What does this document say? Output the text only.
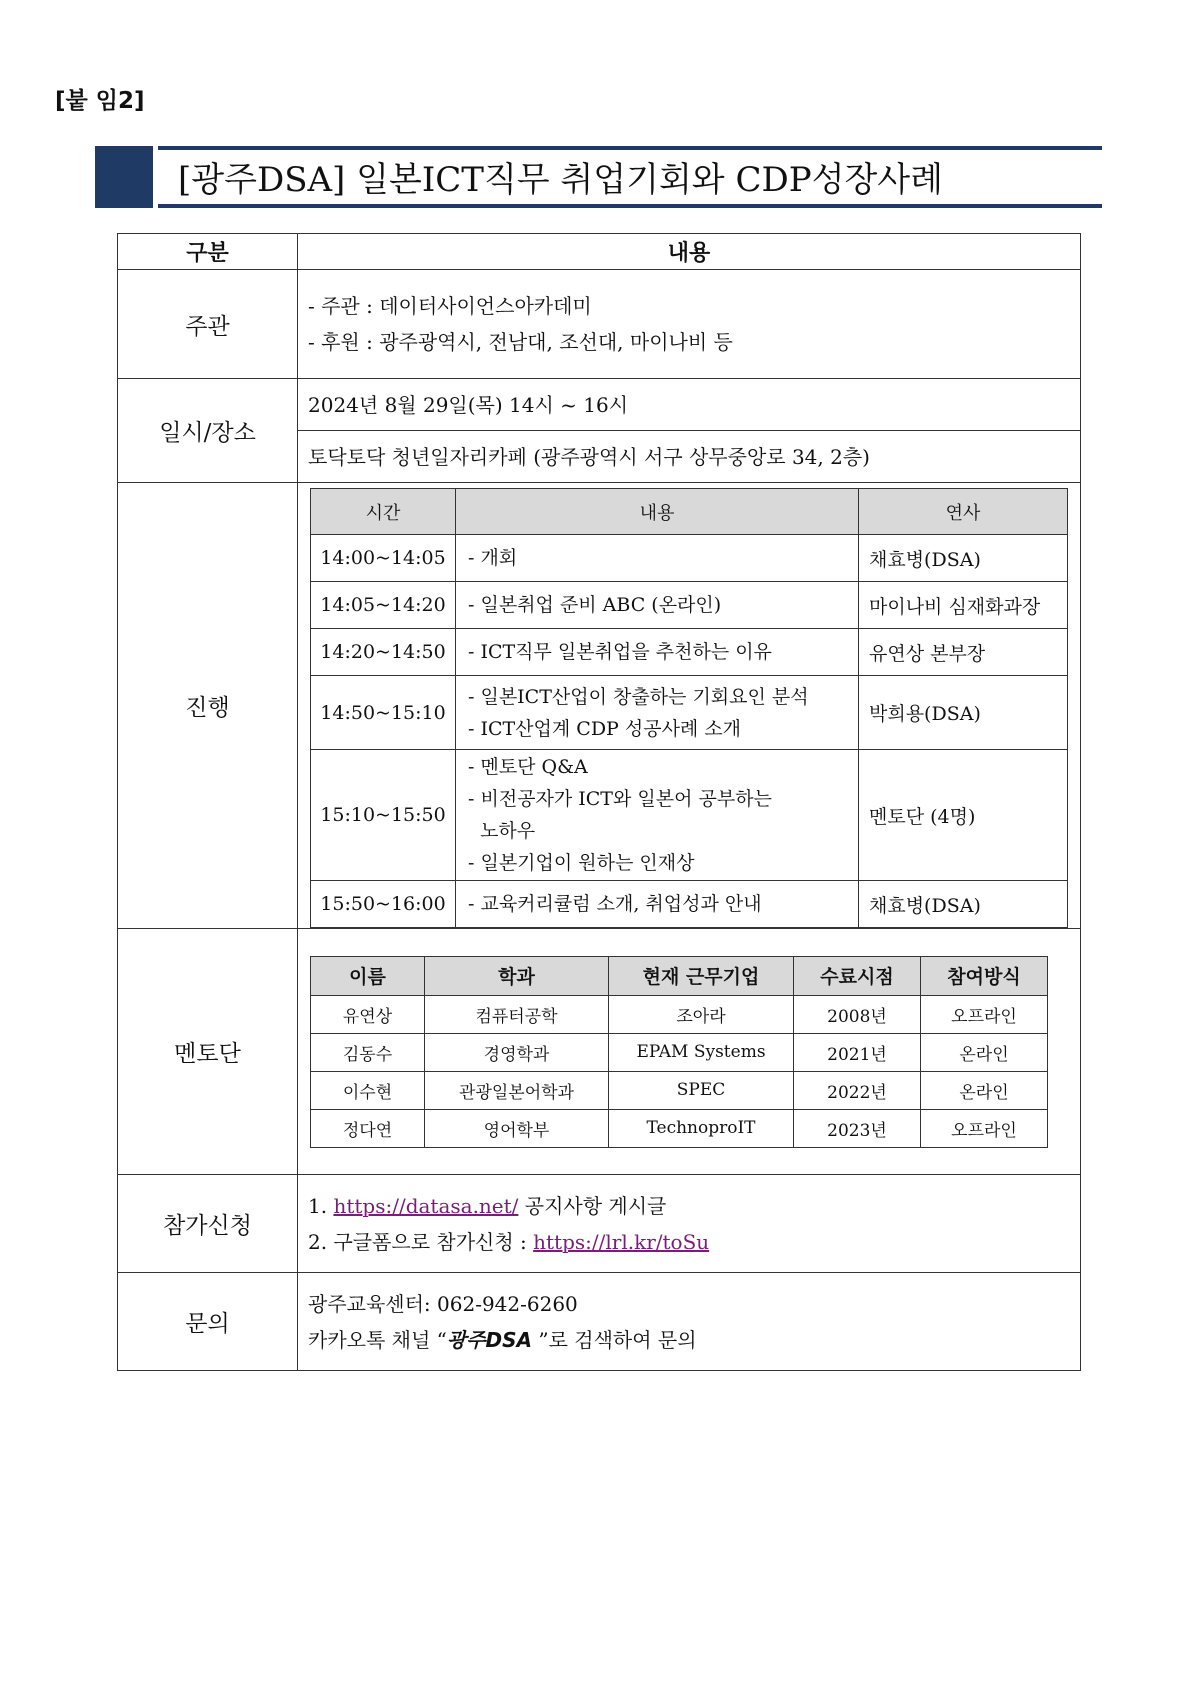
[붙 임2]
[광주DSA] 일본ICT직무 취업기회와 CDP성장사례
구분	내용
주관	
- 주관 : 데이터사이언스아카데미
- 후원 : 광주광역시, 전남대, 조선대, 마이나비 등

일시/장소	
2024년 8월 29일(목) 14시 ~ 16시

토닥토닥 청년일자리카페 (광주광역시 서구 상무중앙로 34, 2층)

진행	
시간	내용	연사
14:00~14:05	- 개회	채효병(DSA)
14:05~14:20	- 일본취업 준비 ABC (온라인)	마이나비 심재화과장
14:20~14:50	- ICT직무 일본취업을 추천하는 이유	유연상 본부장
14:50~15:10	
- 일본ICT산업이 창출하는 기회요인 분석
- ICT산업계 CDP 성공사례 소개
	박희용(DSA)
15:10~15:50	
- 멘토단 Q&A
- 비전공자가 ICT와 일본어 공부하는
노하우
- 일본기업이 원하는 인재상
	멘토단 (4명)
15:50~16:00	- 교육커리큘럼 소개, 취업성과 안내	채효병(DSA)

멘토단	
이름	학과	현재 근무기업	수료시점	참여방식
유연상	컴퓨터공학	조아라	2008년	오프라인
김동수	경영학과	EPAM Systems	2021년	온라인
이수현	관광일본어학과	SPEC	2022년	온라인
정다연	영어학부	TechnoproIT	2023년	오프라인

참가신청	
1. https://datasa.net/ 공지사항 게시글
2. 구글폼으로 참가신청 : https://lrl.kr/toSu

문의	
광주교육센터: 062-942-6260
카카오톡 채널 “광주DSA ”로 검색하여 문의
